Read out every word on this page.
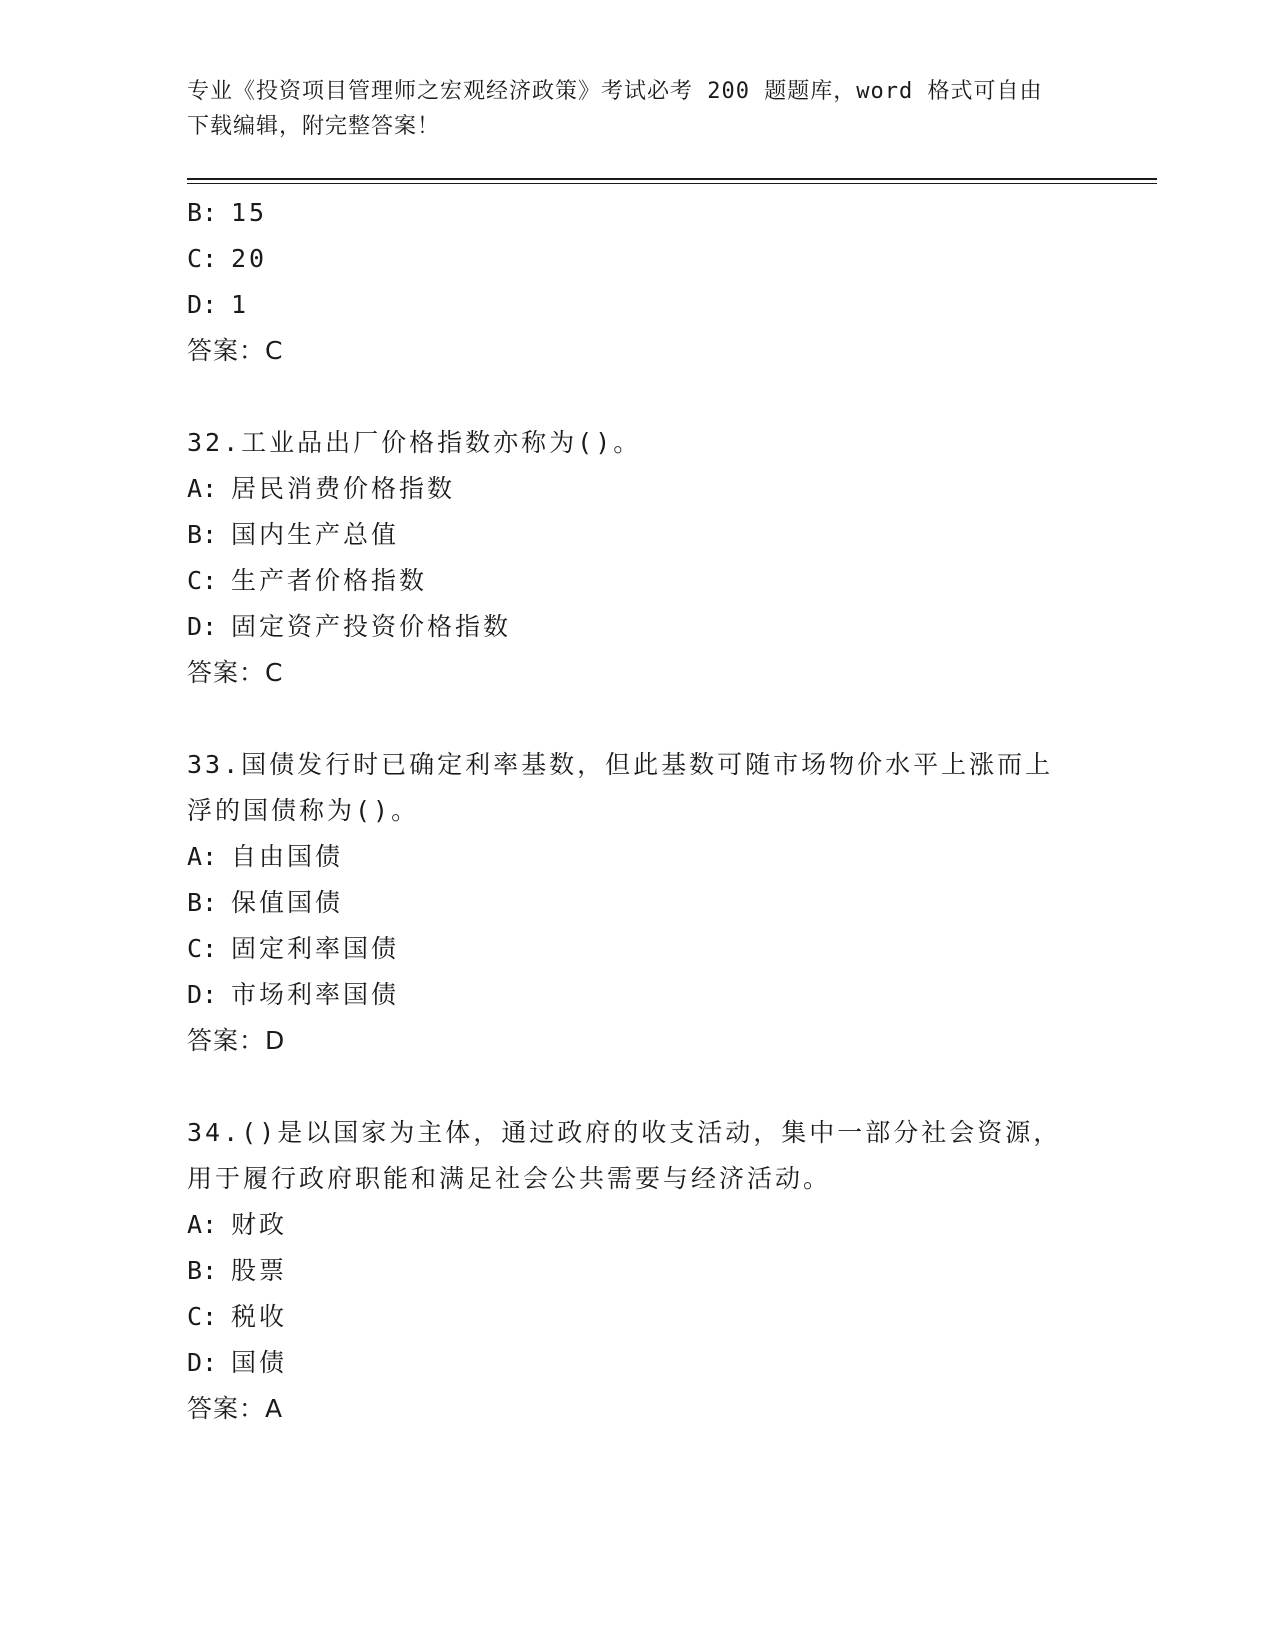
专业《投资项目管理师之宏观经济政策》考试必考 200 题题库，word 格式可自由
下载编辑，附完整答案！
B: 15
C: 20
D: 1
答案：C
32.工业品出厂价格指数亦称为()。
A: 居民消费价格指数
B: 国内生产总值
C: 生产者价格指数
D: 固定资产投资价格指数
答案：C
33.国债发行时已确定利率基数，但此基数可随市场物价水平上涨而上
浮的国债称为()。
A: 自由国债
B: 保值国债
C: 固定利率国债
D: 市场利率国债
答案：D
34.()是以国家为主体，通过政府的收支活动，集中一部分社会资源，
用于履行政府职能和满足社会公共需要与经济活动。
A: 财政
B: 股票
C: 税收
D: 国债
答案：A
